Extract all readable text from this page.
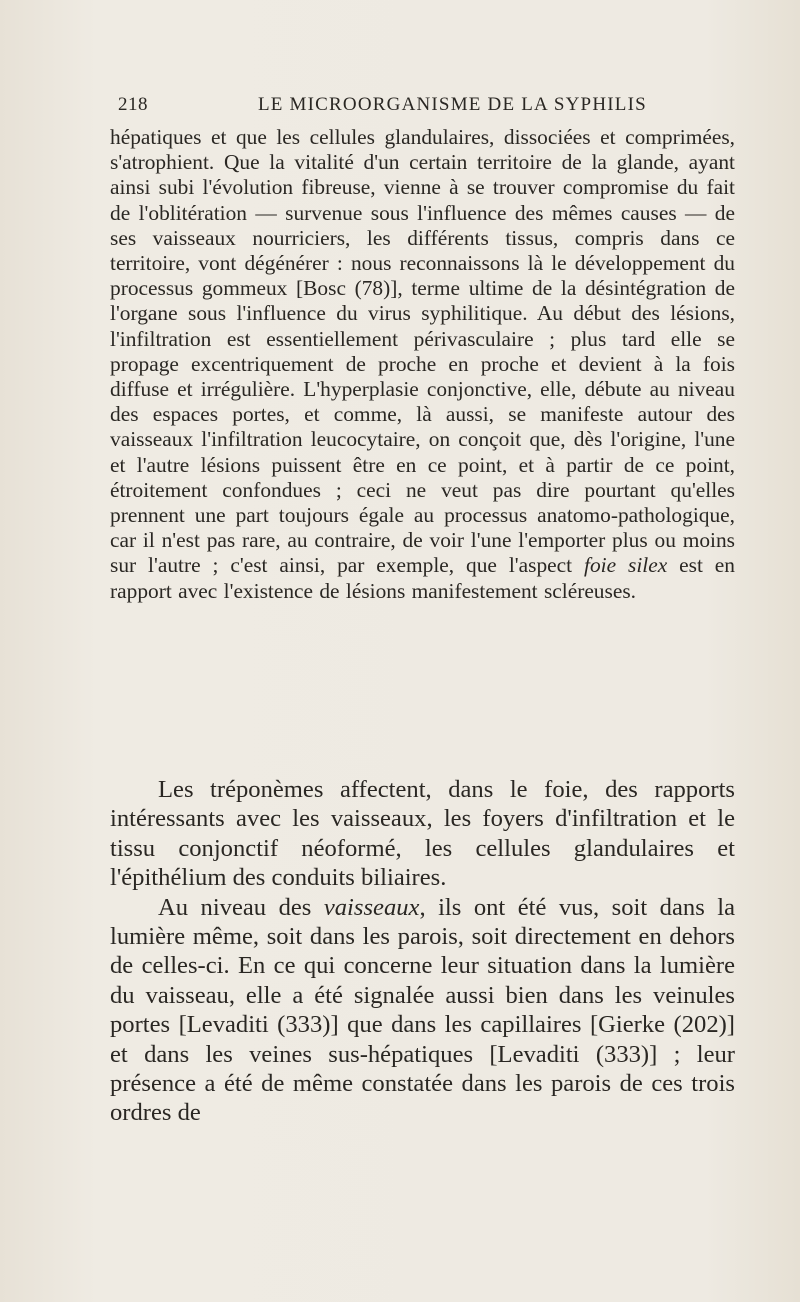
218	LE MICROORGANISME DE LA SYPHILIS

hépatiques et que les cellules glandulaires, dissociées et comprimées, s'atrophient. Que la vitalité d'un certain territoire de la glande, ayant ainsi subi l'évolution fibreuse, vienne à se trouver compromise du fait de l'oblitération — survenue sous l'influence des mêmes causes — de ses vaisseaux nourriciers, les différents tissus, compris dans ce territoire, vont dégénérer : nous reconnaissons là le développement du processus gommeux [Bosc (78)], terme ultime de la désintégration de l'organe sous l'influence du virus syphilitique. Au début des lésions, l'infiltration est essentiellement périvasculaire ; plus tard elle se propage excentriquement de proche en proche et devient à la fois diffuse et irrégulière. L'hyperplasie conjonctive, elle, débute au niveau des espaces portes, et comme, là aussi, se manifeste autour des vaisseaux l'infiltration leucocytaire, on conçoit que, dès l'origine, l'une et l'autre lésions puissent être en ce point, et à partir de ce point, étroitement confondues ; ceci ne veut pas dire pourtant qu'elles prennent une part toujours égale au processus anatomo-pathologique, car il n'est pas rare, au contraire, de voir l'une l'emporter plus ou moins sur l'autre ; c'est ainsi, par exemple, que l'aspect foie silex est en rapport avec l'existence de lésions manifestement scléreuses.

Les tréponèmes affectent, dans le foie, des rapports intéressants avec les vaisseaux, les foyers d'infiltration et le tissu conjonctif néoformé, les cellules glandulaires et l'épithélium des conduits biliaires.

Au niveau des vaisseaux, ils ont été vus, soit dans la lumière même, soit dans les parois, soit directement en dehors de celles-ci. En ce qui concerne leur situation dans la lumière du vaisseau, elle a été signalée aussi bien dans les veinules portes [Levaditi (333)] que dans les capillaires [Gierke (202)] et dans les veines sus-hépatiques [Levaditi (333)] ; leur présence a été de même constatée dans les parois de ces trois ordres de
